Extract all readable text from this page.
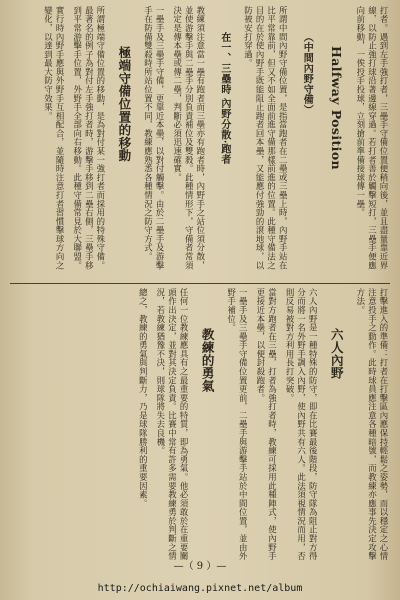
打者。遇到左手強打者，三壘手守備位置便稍向後，並且盡量靠近界線，以防止強打球沿著邊線穿過。若打者善於觸擊短打，三壘手便應向前移動，一俟投手投球，立刻搶前準備接球傳一壘。
Halfway Position
（中間內野守備）
所謂中間內野守備位置，是指當跑者在二壘或三壘上時，內野手站在比平常靠前，但又不如全面前進守備那樣前進的位置。此種守備法之目的在於使內野手既能阻止跑者回本壘，又能應付強勁的滾地球，以防被安打穿過。
在一、三壘時 內野分散·跑者
教練須注意當一壘有跑者而三壘亦有跑者時，內野手之站位須分散，並使游擊手與二壘手分別負責補位及雙殺。此種情形下，守備者常須決定是傳本壘或傳二壘，判斷必須迅速確實。
一壘手及三壘手守備，更靠近本壘，以對付觸擊。由於二壘手及游擊手在防備雙殺時所站位置不同，教練應熟悉各種情況之防守方式。
極端守備位置的移動
所謂極端守備位置的移動，是為對付某一強打者而採用的特殊守備。最著名的例子為對付左手強打者時，游擊手移到二壘右側，三壘手移到平常游擊手位置，外野手全部向右移動。此種守備常見於大聯盟。
實行時內野手應與外野手互相配合，並隨時注意打者習慣擊球方向之變化，以達到最大防守效果。
打擊進入的準備：打者在打擊區內應保持輕鬆之姿勢，而以穩定之心情注意投手之動作。此時球員應注意各種暗號，而教練亦應事先決定攻擊方法。
六人內野
六人內野是一種特殊的防守，即在比賽最後階段，防守隊為阻止對方得分而將一名外野手調入內野，使內野共有六人。此法須視情況而用，否則反易被對方利用長打突破。
當對方跑者在三壘，打者為強打者時，教練可採用此種陣式，使內野手更接近本壘，以便封殺跑者。
一壘手及三壘手守備位置更前，二壘手與游擊手站於中間位置，並由外野手補位。
教練的勇氣
任何一位教練應具有之最重要的特質，即為勇氣。他必須敢於在重要關頭作出決定，並對其決定負責。比賽中常有許多需要教練勇於判斷之情況，若教練猶豫不決，則球隊將失去良機。
總之，教練的勇氣與判斷力，乃是球隊勝利的重要因素。
—（ 9 ）—
http://ochiaiwang.pixnet.net/album
